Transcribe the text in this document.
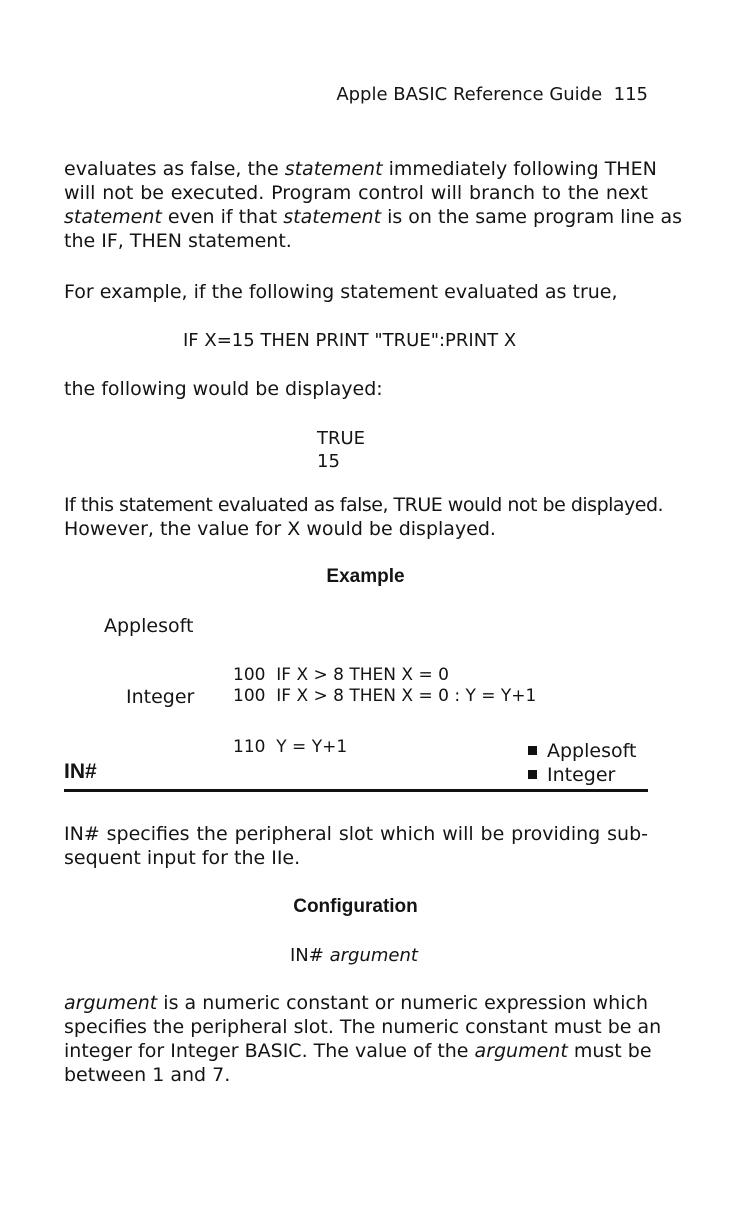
Apple BASIC Reference Guide 115
evaluates as false, the statement immediately following THEN
will not be executed. Program control will branch to the next
statement even if that statement is on the same program line as
the IF, THEN statement.
For example, if the following statement evaluated as true,
IF X=15 THEN PRINT "TRUE":PRINT X
the following would be displayed:
TRUE
15
If this statement evaluated as false, TRUE would not be displayed.
However, the value for X would be displayed.
Example
Applesoft

100  IF X > 8 THEN X = 0

110  Y = Y+1

Integer 100  IF X > 8 THEN X = 0 : Y = Y+1
IN#
Applesoft
Integer
IN# specifies the peripheral slot which will be providing sub-
sequent input for the IIe.
Configuration
IN# argument
argument is a numeric constant or numeric expression which
specifies the peripheral slot. The numeric constant must be an
integer for Integer BASIC. The value of the argument must be
between 1 and 7.
